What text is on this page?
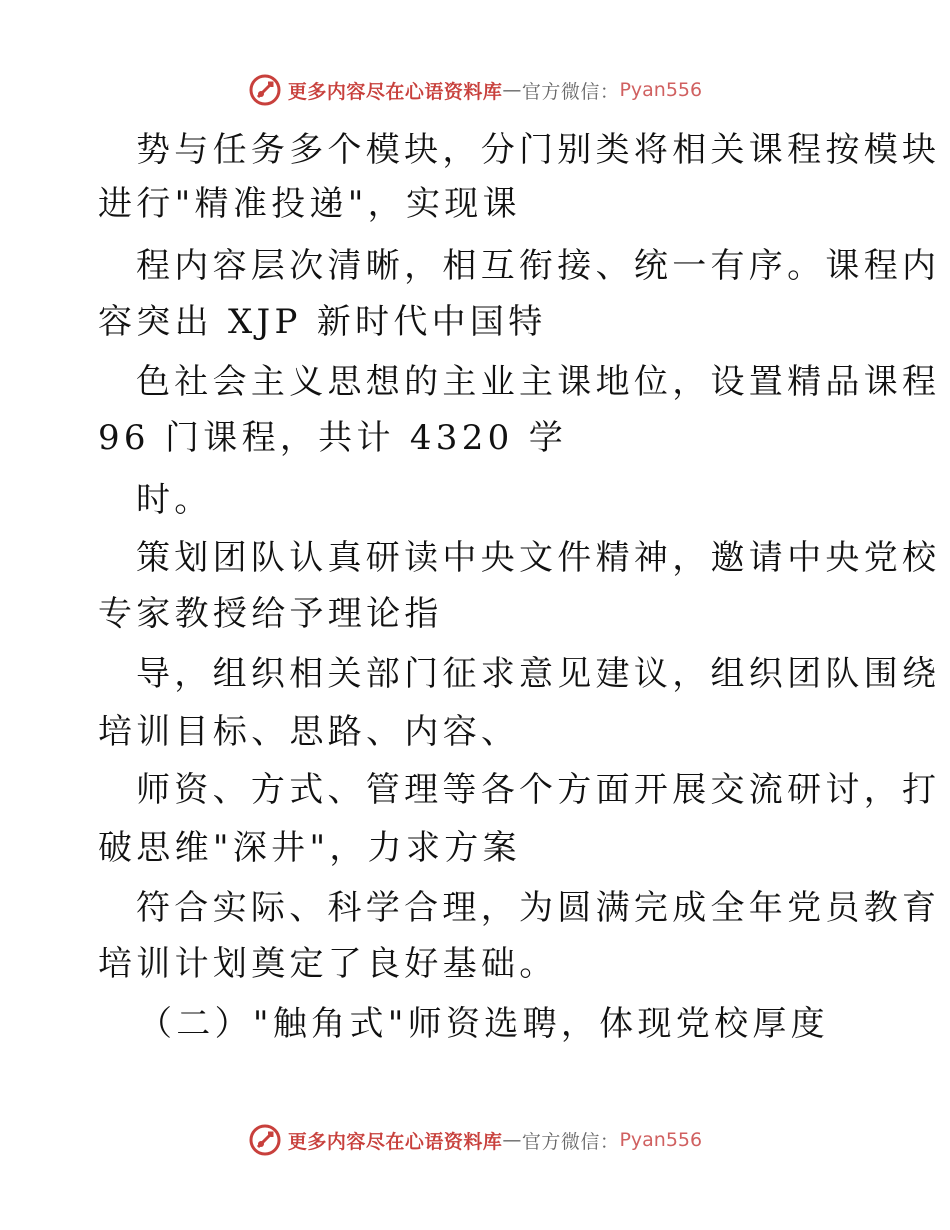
更多内容尽在心语资料库 — 官方微信： Pyan556
势与任务多个模块，分门别类将相关课程按模块
进行"精准投递"，实现课
程内容层次清晰，相互衔接、统一有序。课程内
容突出 XJP 新时代中国特
色社会主义思想的主业主课地位，设置精品课程
96 门课程，共计 4320 学
时。
策划团队认真研读中央文件精神，邀请中央党校
专家教授给予理论指
导，组织相关部门征求意见建议，组织团队围绕
培训目标、思路、内容、
师资、方式、管理等各个方面开展交流研讨，打
破思维"深井"，力求方案
符合实际、科学合理，为圆满完成全年党员教育
培训计划奠定了良好基础。
（二）"触角式"师资选聘，体现党校厚度
更多内容尽在心语资料库 — 官方微信： Pyan556
